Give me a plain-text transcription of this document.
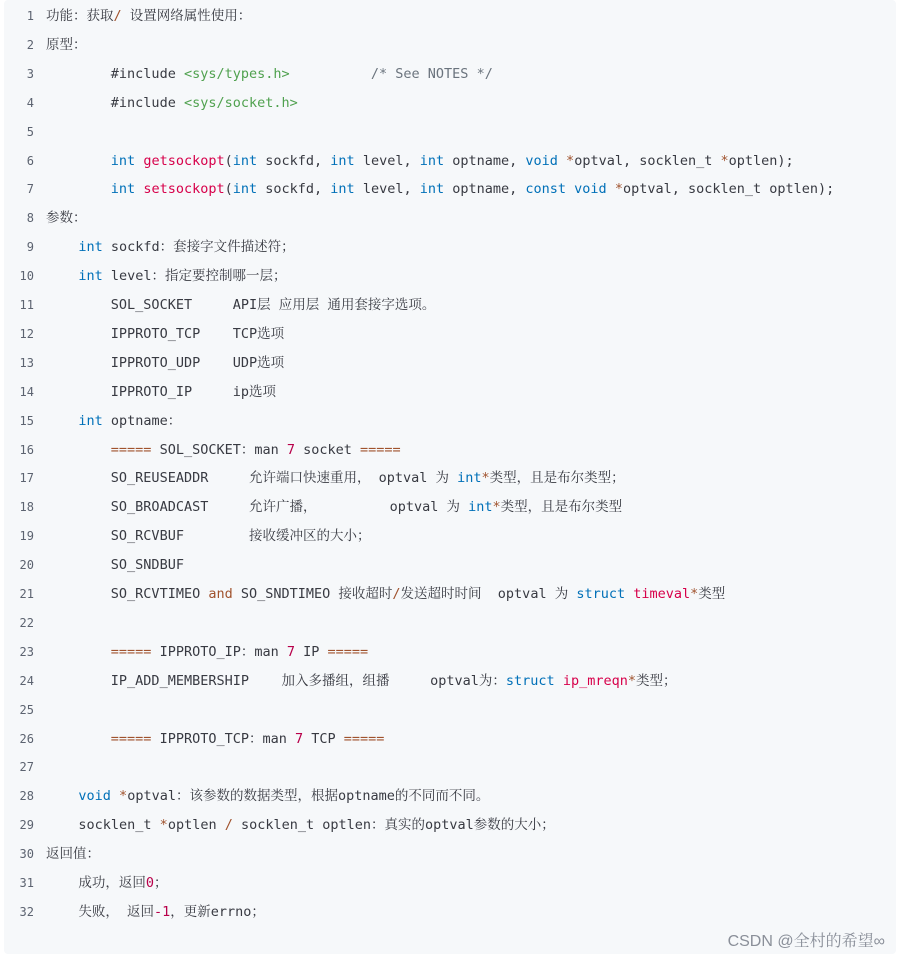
1 功能：获取/ 设置网络属性使用：
2 原型：
3	#include <sys/types.h>	/* See NOTES */
4	#include <sys/socket.h>
5
6	int getsockopt(int sockfd, int level, int optname, void *optval, socklen_t *optlen);
7	int setsockopt(int sockfd, int level, int optname, const void *optval, socklen_t optlen);
8 参数：
9	int sockfd：套接字文件描述符；
10	int level：指定要控制哪一层；
11	SOL_SOCKET     API层 应用层 通用套接字选项。
12	IPPROTO_TCP    TCP选项
13	IPPROTO_UDP    UDP选项
14	IPPROTO_IP     ip选项
15	int optname：
16	===== SOL_SOCKET：man 7 socket =====
17	SO_REUSEADDR     允许端口快速重用， optval 为 int*类型，且是布尔类型；
18	SO_BROADCAST     允许广播，         optval 为 int*类型，且是布尔类型
19	SO_RCVBUF        接收缓冲区的大小；
20	SO_SNDBUF
21	SO_RCVTIMEO and SO_SNDTIMEO 接收超时/发送超时时间  optval 为 struct timeval*类型
22
23	===== IPPROTO_IP：man 7 IP =====
24	IP_ADD_MEMBERSHIP    加入多播组，组播     optval为：struct ip_mreqn*类型；
25
26	===== IPPROTO_TCP：man 7 TCP =====
27
28	void *optval：该参数的数据类型，根据optname的不同而不同。
29	socklen_t *optlen / socklen_t optlen：真实的optval参数的大小；
30 返回值：
31	成功，返回0；
32	失败， 返回-1，更新errno；
CSDN @全村的希望∞
